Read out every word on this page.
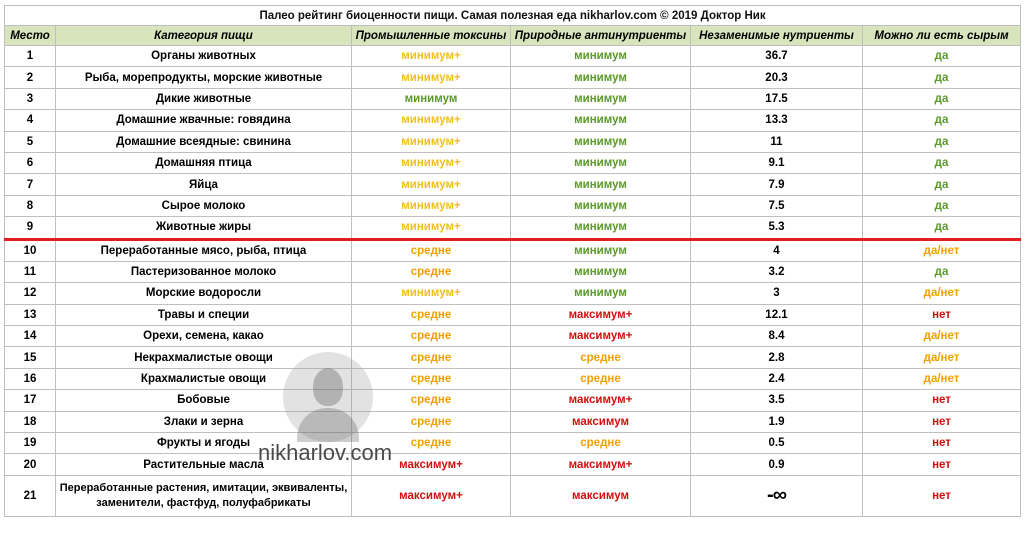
Палео рейтинг биоценности пищи. Самая полезная еда nikharlov.com © 2019 Доктор Ник					
Место	Категория пищи	Промышленные токсины	Природные антинутриенты	Незаменимые нутриенты	Можно ли есть сырым
1	Органы животных	минимум+	минимум	36.7	да
2	Рыба, морепродукты, морские животные	минимум+	минимум	20.3	да
3	Дикие животные	минимум	минимум	17.5	да
4	Домашние жвачные: говядина	минимум+	минимум	13.3	да
5	Домашние всеядные: свинина	минимум+	минимум	11	да
6	Домашняя птица	минимум+	минимум	9.1	да
7	Яйца	минимум+	минимум	7.9	да
8	Сырое молоко	минимум+	минимум	7.5	да
9	Животные жиры	минимум+	минимум	5.3	да
10	Переработанные мясо, рыба, птица	средне	минимум	4	да/нет
11	Пастеризованное молоко	средне	минимум	3.2	да
12	Морские водоросли	минимум+	минимум	3	да/нет
13	Травы и специи	средне	максимум+	12.1	нет
14	Орехи, семена, какао	средне	максимум+	8.4	да/нет
15	Некрахмалистые овощи	средне	средне	2.8	да/нет
16	Крахмалистые овощи	средне	средне	2.4	да/нет
17	Бобовые	средне	максимум+	3.5	нет
18	Злаки и зерна	средне	максимум	1.9	нет
19	Фрукты и ягоды	средне	средне	0.5	нет
20	Растительные масла	максимум+	максимум+	0.9	нет
21	Переработанные растения, имитации, эквиваленты, заменители, фастфуд, полуфабрикаты	максимум+	максимум	-∞	нет
nikharlov.com
